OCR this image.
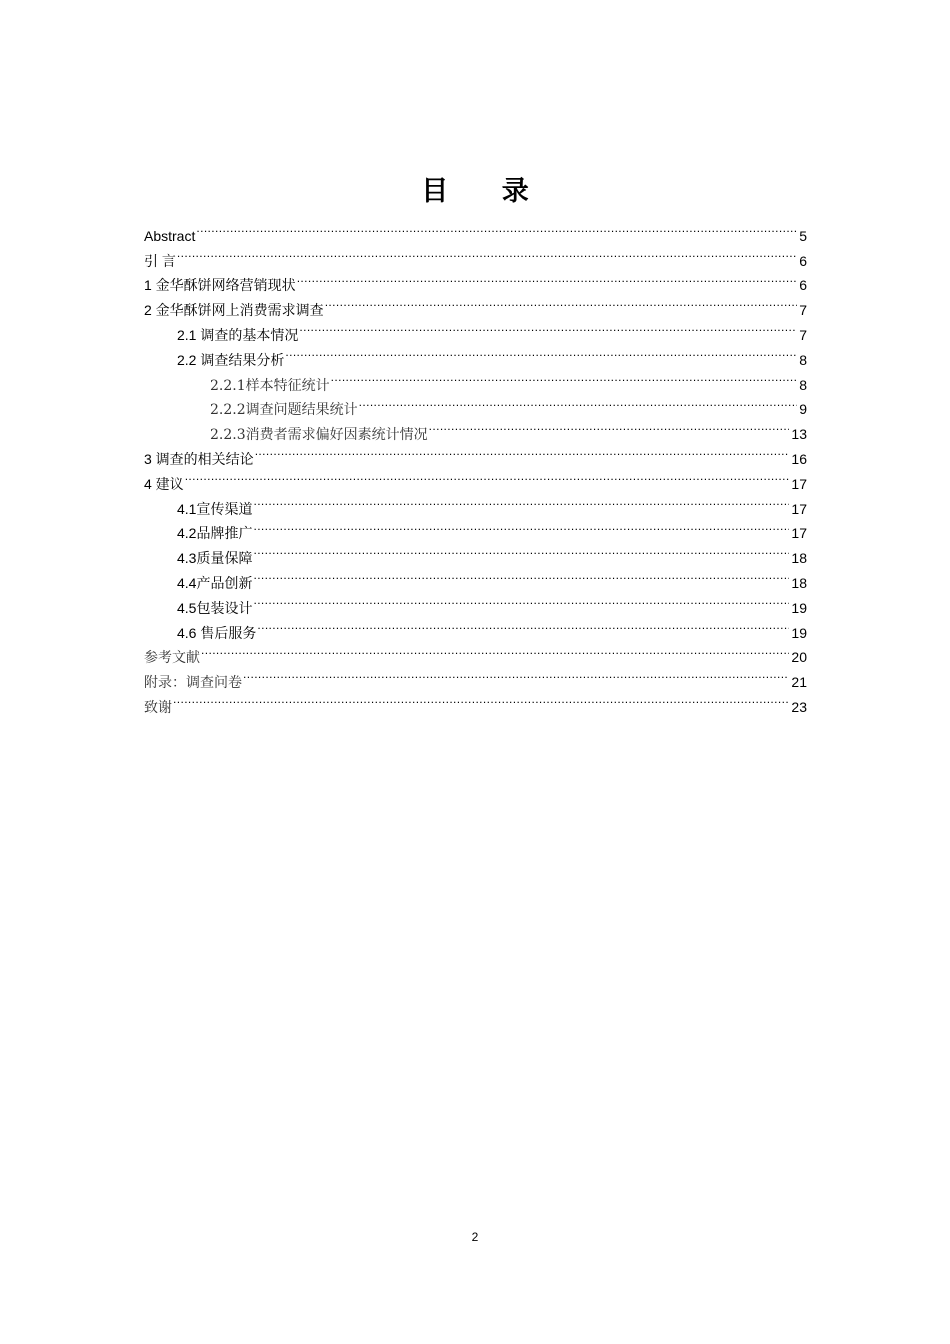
目 录
Abstract .....	5
引 言 .....	6
1 金华酥饼网络营销现状 .....	6
2 金华酥饼网上消费需求调查 .....	7
2.1 调查的基本情况 .....	7
2.2 调查结果分析 .....	8
2.2.1样本特征统计 .....	8
2.2.2调查问题结果统计 .....	9
2.2.3消费者需求偏好因素统计情况 .....	13
3 调查的相关结论 .....	16
4 建议 .....	17
4.1宣传渠道 .....	17
4.2品牌推广 .....	17
4.3质量保障 .....	18
4.4产品创新 .....	18
4.5包装设计 .....	19
4.6 售后服务 .....	19
参考文献 .....	20
附录：调查问卷 .....	21
致谢 .....	23
2
